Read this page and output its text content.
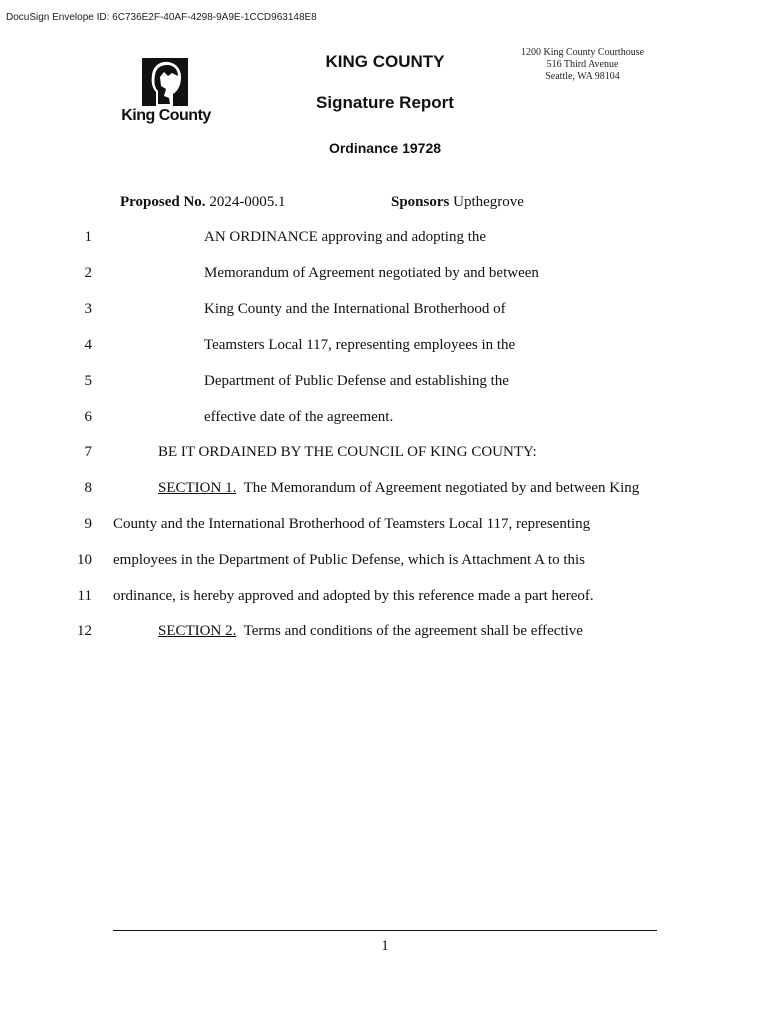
DocuSign Envelope ID: 6C736E2F-40AF-4298-9A9E-1CCD963148E8
King County
KING COUNTY
Signature Report
Ordinance 19728
1200 King County Courthouse
516 Third Avenue
Seattle, WA 98104
Proposed No. 2024-0005.1	Sponsors Upthegrove
1	AN ORDINANCE approving and adopting the
2	Memorandum of Agreement negotiated by and between
3	King County and the International Brotherhood of
4	Teamsters Local 117, representing employees in the
5	Department of Public Defense and establishing the
6	effective date of the agreement.
7	BE IT ORDAINED BY THE COUNCIL OF KING COUNTY:
8	SECTION 1.  The Memorandum of Agreement negotiated by and between King
9 County and the International Brotherhood of Teamsters Local 117, representing
10 employees in the Department of Public Defense, which is Attachment A to this
11 ordinance, is hereby approved and adopted by this reference made a part hereof.
12	SECTION 2.  Terms and conditions of the agreement shall be effective
1
